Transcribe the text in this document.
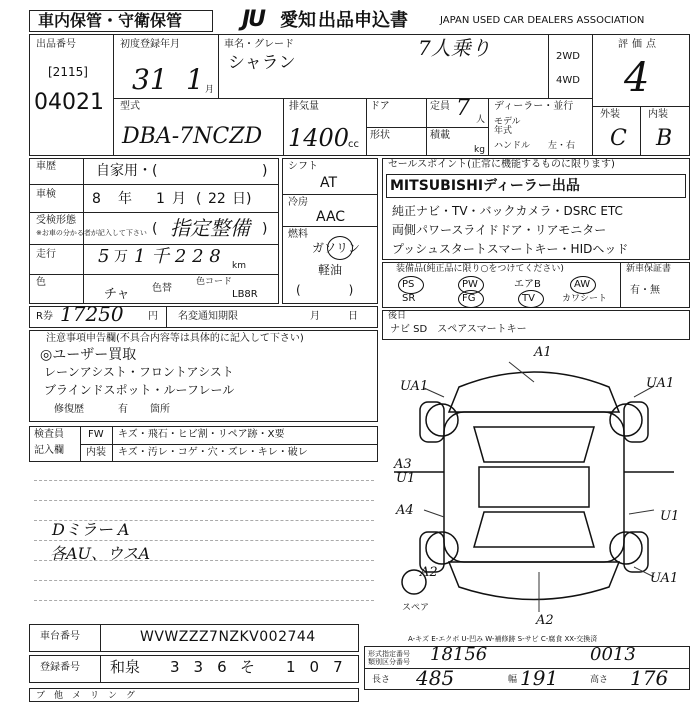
車内保管・守衛保管	JU 愛知 出品申込書	JAPAN USED CAR DEALERS ASSOCIATION
出品番号
[2115]
04021
初度登録年月
31 1 月
車名・グレード
シャラン
7人乗り	2WD
4WD
評価点
4
外装	内装
C B
型式
DBA-7NCZD
排気量
1400
cc
ドア
形状
定員 7 人
積載
kg
ディーラー・並行
モデル年式
ハンドル 左・右
車歴	自家用・(	)
車検	8 年 1 月 ( 22 日)
受検形態
※お車の分かる者が記入して下さい ( 指定整備 )
走行 5 万 1 千 2 2 8 km
色
チャ 色替
色コード
LB8R
シフト
AT
冷房
AAC
燃料
ガソリン
軽油
(　　　　)
セールスポイント(正常に機能するものに限ります)
MITSUBISHIディーラー出品
純正ナビ・TV・バックカメラ・DSRC ETC
両側パワースライドドア・リアモニター
プッシュスタートスマートキー・HIDヘッド
装備品(純正品に限り○をつけてください)
PS	PW	エアB	AW
SR	FG	TV	カワシート
新車保証書
有・無
R券 17250 円 名変通知期限	月	日
注意事項申告欄(不具合内容等は具体的に記入して下さい)
◎ユーザー買取
レーンアシスト・フロントアシスト
ブラインドスポット・ルーフレール
修復歴	有 箇所
後日
ナビ SD　スペアスマートキー
検査員
記入欄
FW キズ・飛石・ヒビ割・リペア跡・X要
内装 キズ・汚レ・コゲ・穴・ズレ・キレ・破レ
Dミラー A
各AU、ウスA
A1
UA1	UA1
A3
U1
A4	U1
A2	UA1
A2
スペア
A-キズ E-エクボ U-凹み W-補修跡 S-サビ C-腐食 XX-交換済
車台番号	WVWZZZ7NZKV002744
登録番号 和泉 336 そ 107
形式指定番号 類別区分番号	18156	0013
長さ 485	幅 191	高さ 176
ブ　他　メ　リ　ン　グ
